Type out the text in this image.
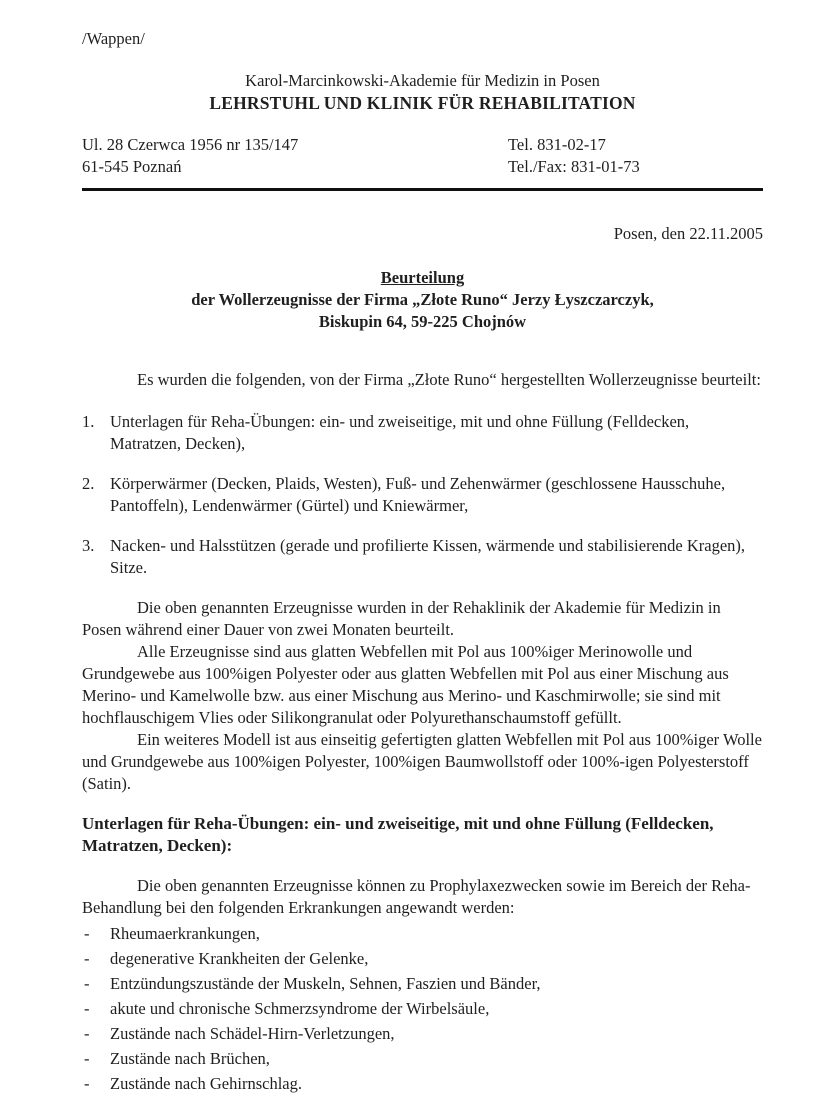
/Wappen/
Karol-Marcinkowski-Akademie für Medizin in Posen
LEHRSTUHL UND KLINIK FÜR REHABILITATION
Ul. 28 Czerwca 1956 nr 135/147
61-545 Poznań
Tel. 831-02-17
Tel./Fax: 831-01-73
Posen, den 22.11.2005
Beurteilung
der Wollerzeugnisse der Firma „Złote Runo“ Jerzy Łyszczarczyk,
Biskupin 64, 59-225 Chojnów

Es wurden die folgenden, von der Firma „Złote Runo“ hergestellten Wollerzeugnisse beurteilt:

1. Unterlagen für Reha-Übungen: ein- und zweiseitige, mit und ohne Füllung (Felldecken, Matratzen, Decken),
2. Körperwärmer (Decken, Plaids, Westen), Fuß- und Zehenwärmer (geschlossene Hausschuhe, Pantoffeln), Lendenwärmer (Gürtel) und Kniewärmer,
3. Nacken- und Halsstützen (gerade und profilierte Kissen, wärmende und stabilisierende Kragen), Sitze.

Die oben genannten Erzeugnisse wurden in der Rehaklinik der Akademie für Medizin in Posen während einer Dauer von zwei Monaten beurteilt.

Alle Erzeugnisse sind aus glatten Webfellen mit Pol aus 100%iger Merinowolle und Grundgewebe aus 100%igen Polyester oder aus glatten Webfellen mit Pol aus einer Mischung aus Merino- und Kamelwolle bzw. aus einer Mischung aus Merino- und Kaschmirwolle; sie sind mit hochflauschigem Vlies oder Silikongranulat oder Polyurethanschaumstoff gefüllt.

Ein weiteres Modell ist aus einseitig gefertigten glatten Webfellen mit Pol aus 100%iger Wolle und Grundgewebe aus 100%igen Polyester, 100%igen Baumwollstoff oder 100%-igen Polyesterstoff (Satin).

Unterlagen für Reha-Übungen: ein- und zweiseitige, mit und ohne Füllung (Felldecken, Matratzen, Decken):

Die oben genannten Erzeugnisse können zu Prophylaxezwecken sowie im Bereich der Reha-Behandlung bei den folgenden Erkrankungen angewandt werden:

-	Rheumaerkrankungen,
-	degenerative Krankheiten der Gelenke,
-	Entzündungszustände der Muskeln, Sehnen, Faszien und Bänder,
-	akute und chronische Schmerzsyndrome der Wirbelsäule,
-	Zustände nach Schädel-Hirn-Verletzungen,
-	Zustände nach Brüchen,
-	Zustände nach Gehirnschlag.
